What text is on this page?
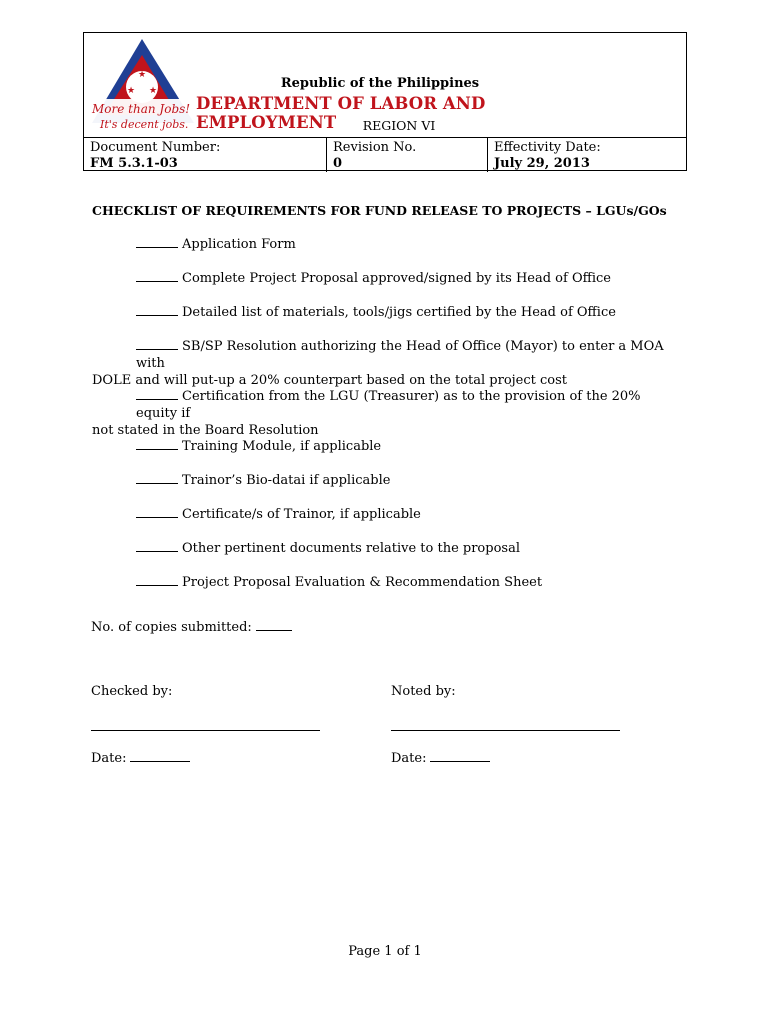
★
★ ★
More than Jobs!
It's decent jobs.
Republic of the Philippines
DEPARTMENT OF LABOR AND EMPLOYMENT	REGION VI
Document Number:
FM 5.3.1-03
Revision No.
0
Effectivity Date:
July 29, 2013
CHECKLIST OF REQUIREMENTS FOR FUND RELEASE TO PROJECTS – LGUs/GOs
Application Form
Complete Project Proposal approved/signed by its Head of Office
Detailed list of materials, tools/jigs certified by the Head of Office
SB/SP Resolution authorizing the Head of Office (Mayor) to enter a MOA with
DOLE and will put-up a 20% counterpart based on the total project cost
Certification from the LGU (Treasurer) as to the provision of the 20% equity if
not stated in the Board Resolution
Training Module, if applicable
Trainor’s Bio-datai if applicable
Certificate/s of Trainor, if applicable
Other pertinent documents relative to the proposal
Project Proposal Evaluation & Recommendation Sheet
No. of copies submitted:
Checked by:	Noted by:
Date:	Date:
Page 1 of 1
